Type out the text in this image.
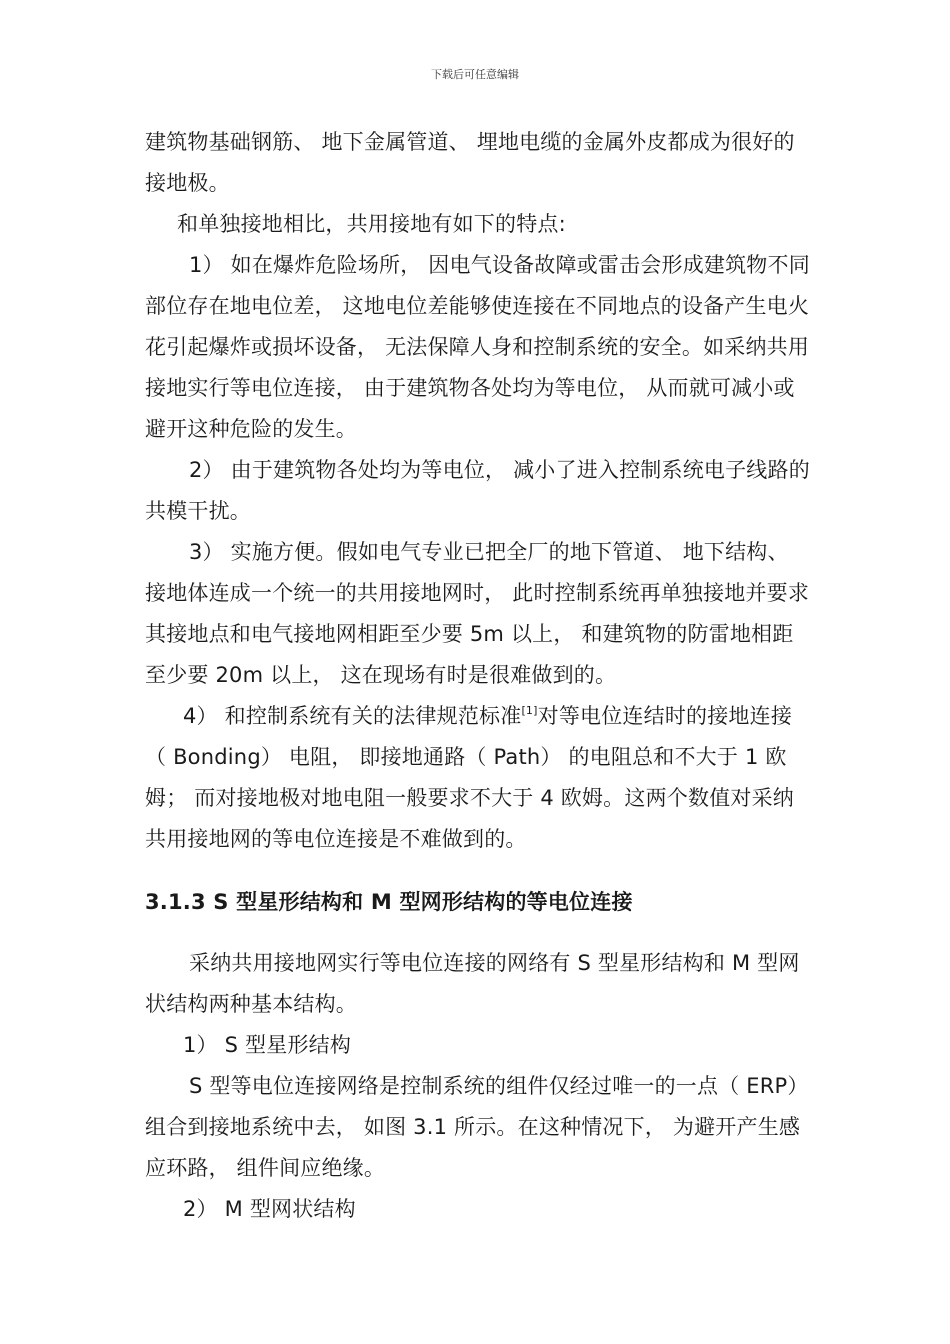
下载后可任意编辑

建筑物基础钢筋、 地下金属管道、 埋地电缆的金属外皮都成为很好的接地极。

和单独接地相比，共用接地有如下的特点:

1） 如在爆炸危险场所， 因电气设备故障或雷击会形成建筑物不同部位存在地电位差， 这地电位差能够使连接在不同地点的设备产生电火花引起爆炸或损坏设备， 无法保障人身和控制系统的安全。如采纳共用接地实行等电位连接， 由于建筑物各处均为等电位， 从而就可减小或避开这种危险的发生。

2） 由于建筑物各处均为等电位， 减小了进入控制系统电子线路的共模干扰。

3） 实施方便。假如电气专业已把全厂的地下管道、 地下结构、 接地体连成一个统一的共用接地网时， 此时控制系统再单独接地并要求其接地点和电气接地网相距至少要 5m 以上， 和建筑物的防雷地相距至少要 20m 以上， 这在现场有时是很难做到的。

4） 和控制系统有关的法律规范标准[1]对等电位连结时的接地连接（ Bonding） 电阻， 即接地通路（ Path） 的电阻总和不大于 1 欧姆； 而对接地极对地电阻一般要求不大于 4 欧姆。这两个数值对采纳共用接地网的等电位连接是不难做到的。

3.1.3 S 型星形结构和 M 型网形结构的等电位连接

采纳共用接地网实行等电位连接的网络有 S 型星形结构和 M 型网状结构两种基本结构。

1） S 型星形结构

S 型等电位连接网络是控制系统的组件仅经过唯一的一点（ ERP） 组合到接地系统中去， 如图 3.1 所示。在这种情况下， 为避开产生感应环路， 组件间应绝缘。

2） M 型网状结构
